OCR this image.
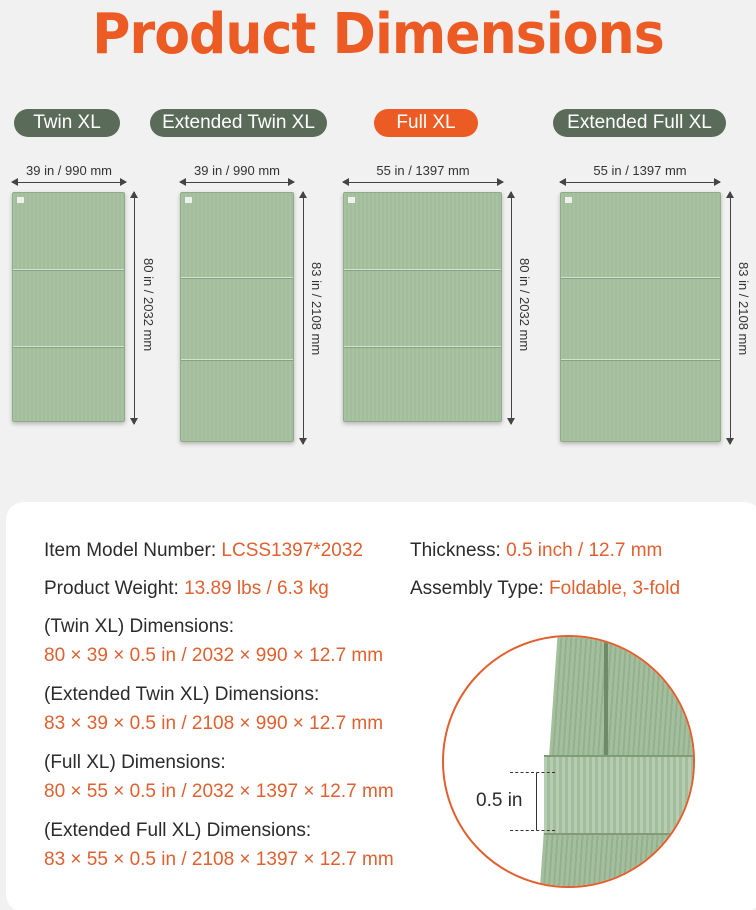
Product Dimensions
Twin XL	Extended Twin XL	Full XL	Extended Full XL
39 in / 990 mm	39 in / 990 mm	55 in / 1397 mm	55 in / 1397 mm
80 in / 2032 mm	83 in / 2108 mm	80 in / 2032 mm	83 in / 2108 mm
Item Model Number: LCSS1397*2032 Thickness: 0.5 inch / 12.7 mm
Product Weight: 13.89 lbs / 6.3 kg	Assembly Type: Foldable, 3-fold
(Twin XL) Dimensions:
80 × 39 × 0.5 in / 2032 × 990 × 12.7 mm
(Extended Twin XL) Dimensions:
83 × 39 × 0.5 in / 2108 × 990 × 12.7 mm
(Full XL) Dimensions:
80 × 55 × 0.5 in / 2032 × 1397 × 12.7 mm
(Extended Full XL) Dimensions:
83 × 55 × 0.5 in / 2108 × 1397 × 12.7 mm
0.5 in
